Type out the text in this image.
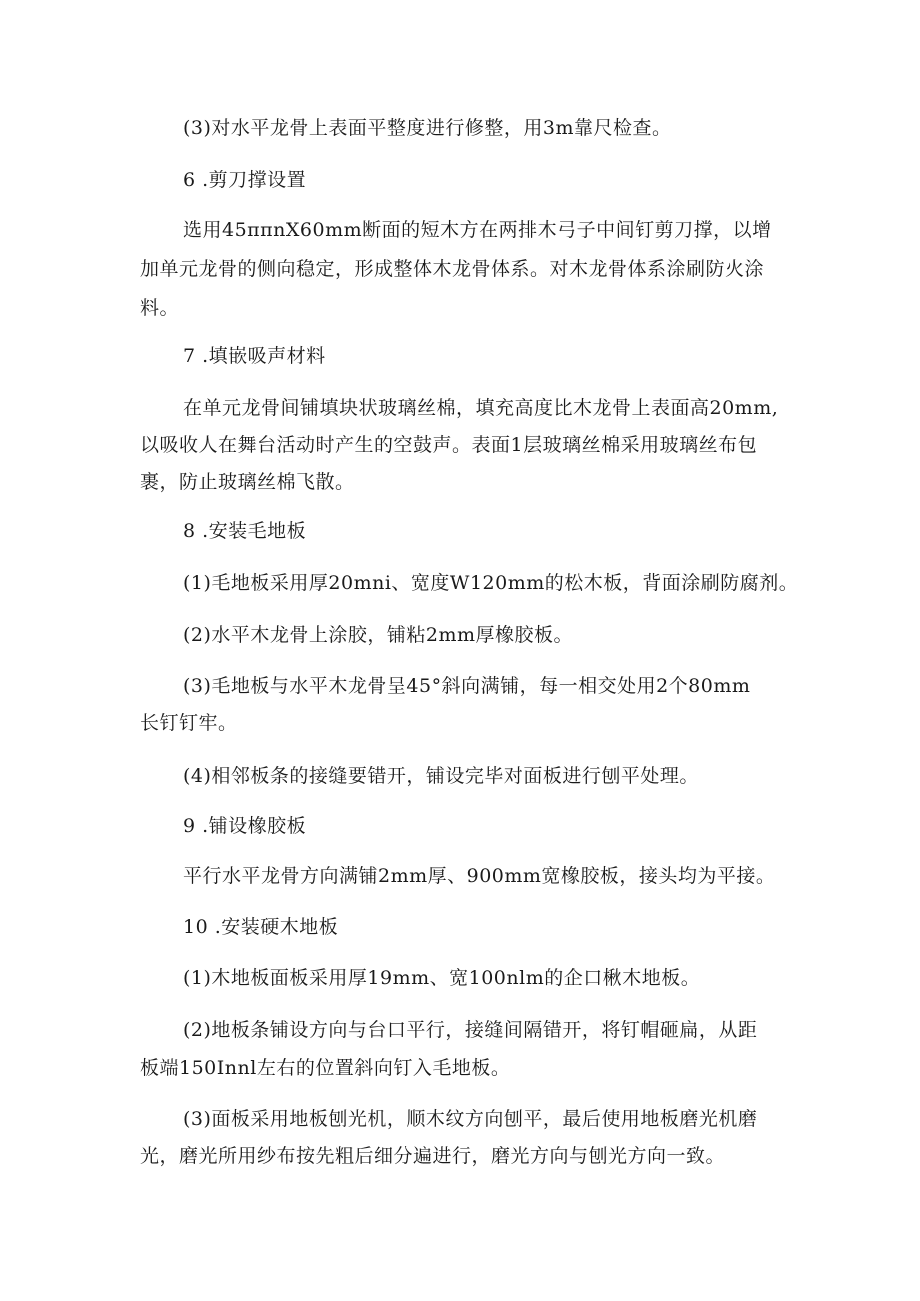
(3)对水平龙骨上表面平整度进行修整，用3m靠尺检查。
6 .剪刀撑设置
选用45ππnX60mm断面的短木方在两排木弓子中间钉剪刀撑，以增
加单元龙骨的侧向稳定，形成整体木龙骨体系。对木龙骨体系涂刷防火涂
料。
7 .填嵌吸声材料
在单元龙骨间铺填块状玻璃丝棉，填充高度比木龙骨上表面高20mm,
以吸收人在舞台活动时产生的空鼓声。表面1层玻璃丝棉采用玻璃丝布包
裹，防止玻璃丝棉飞散。
8 .安装毛地板
(1)毛地板采用厚20mni、宽度W120mm的松木板，背面涂刷防腐剂。
(2)水平木龙骨上涂胶，铺粘2mm厚橡胶板。
(3)毛地板与水平木龙骨呈45°斜向满铺，每一相交处用2个80mm
长钉钉牢。
(4)相邻板条的接缝要错开，铺设完毕对面板进行刨平处理。
9 .铺设橡胶板
平行水平龙骨方向满铺2mm厚、900mm宽橡胶板，接头均为平接。
10 .安装硬木地板
(1)木地板面板采用厚19mm、宽100nlm的企口楸木地板。
(2)地板条铺设方向与台口平行，接缝间隔错开，将钉帽砸扁，从距
板端150Innl左右的位置斜向钉入毛地板。
(3)面板采用地板刨光机，顺木纹方向刨平，最后使用地板磨光机磨
光，磨光所用纱布按先粗后细分遍进行，磨光方向与刨光方向一致。
